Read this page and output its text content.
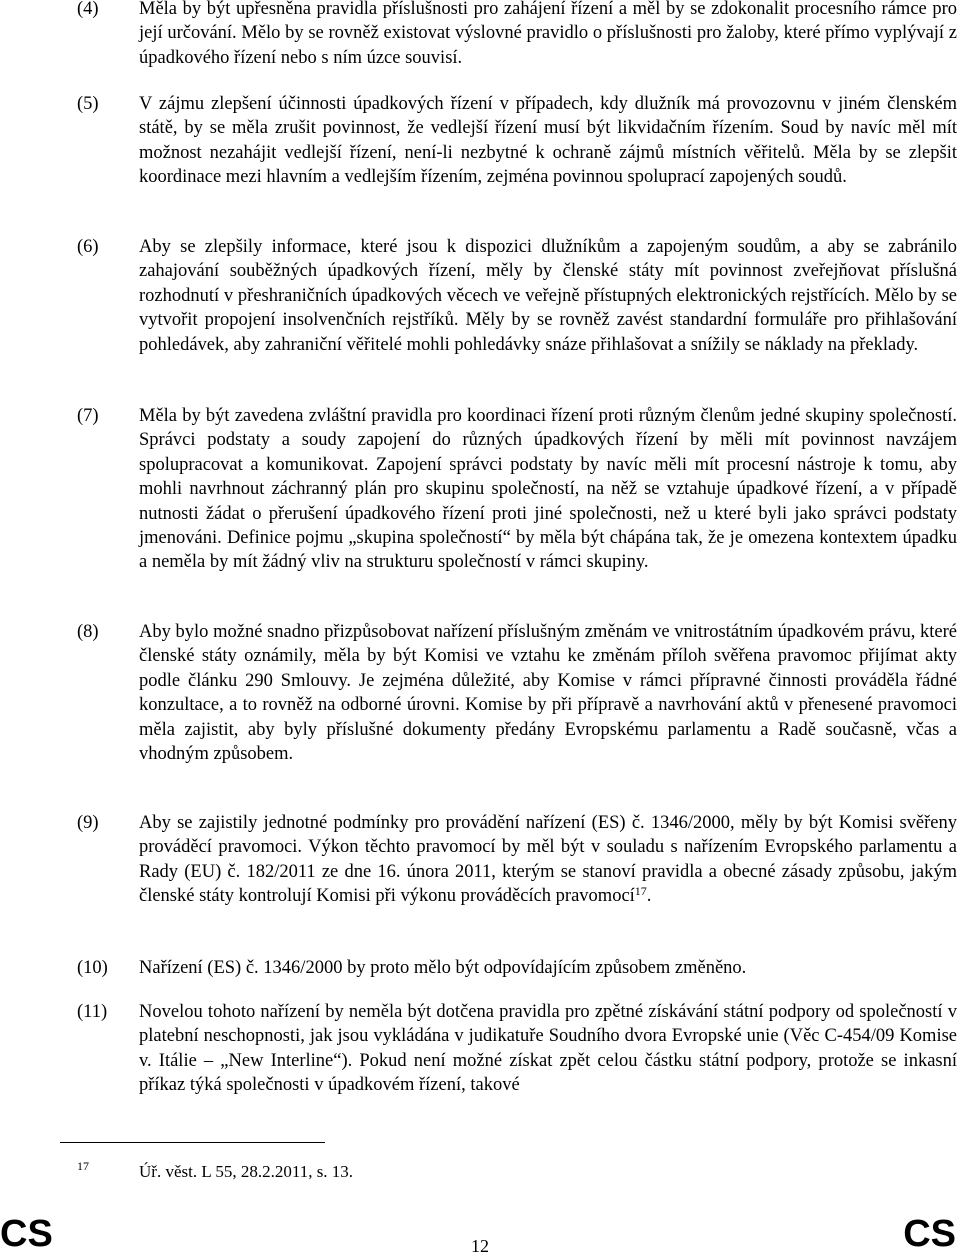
(4)	Měla by být upřesněna pravidla příslušnosti pro zahájení řízení a měl by se zdokonalit procesního rámce pro její určování. Mělo by se rovněž existovat výslovné pravidlo o příslušnosti pro žaloby, které přímo vyplývají z úpadkového řízení nebo s ním úzce souvisí.
(5)	V zájmu zlepšení účinnosti úpadkových řízení v případech, kdy dlužník má provozovnu v jiném členském státě, by se měla zrušit povinnost, že vedlejší řízení musí být likvidačním řízením. Soud by navíc měl mít možnost nezahájit vedlejší řízení, není-li nezbytné k ochraně zájmů místních věřitelů. Měla by se zlepšit koordinace mezi hlavním a vedlejším řízením, zejména povinnou spoluprací zapojených soudů.
(6)	Aby se zlepšily informace, které jsou k dispozici dlužníkům a zapojeným soudům, a aby se zabránilo zahajování souběžných úpadkových řízení, měly by členské státy mít povinnost zveřejňovat příslušná rozhodnutí v přeshraničních úpadkových věcech ve veřejně přístupných elektronických rejstřících. Mělo by se vytvořit propojení insolvenčních rejstříků. Měly by se rovněž zavést standardní formuláře pro přihlašování pohledávek, aby zahraniční věřitelé mohli pohledávky snáze přihlašovat a snížily se náklady na překlady.
(7)	Měla by být zavedena zvláštní pravidla pro koordinaci řízení proti různým členům jedné skupiny společností. Správci podstaty a soudy zapojení do různých úpadkových řízení by měli mít povinnost navzájem spolupracovat a komunikovat. Zapojení správci podstaty by navíc měli mít procesní nástroje k tomu, aby mohli navrhnout záchranný plán pro skupinu společností, na něž se vztahuje úpadkové řízení, a v případě nutnosti žádat o přerušení úpadkového řízení proti jiné společnosti, než u které byli jako správci podstaty jmenováni. Definice pojmu „skupina společností“ by měla být chápána tak, že je omezena kontextem úpadku a neměla by mít žádný vliv na strukturu společností v rámci skupiny.
(8)	Aby bylo možné snadno přizpůsobovat nařízení příslušným změnám ve vnitrostátním úpadkovém právu, které členské státy oznámily, měla by být Komisi ve vztahu ke změnám příloh svěřena pravomoc přijímat akty podle článku 290 Smlouvy. Je zejména důležité, aby Komise v rámci přípravné činnosti prováděla řádné konzultace, a to rovněž na odborné úrovni. Komise by při přípravě a navrhování aktů v přenesené pravomoci měla zajistit, aby byly příslušné dokumenty předány Evropskému parlamentu a Radě současně, včas a vhodným způsobem.
(9)	Aby se zajistily jednotné podmínky pro provádění nařízení (ES) č. 1346/2000, měly by být Komisi svěřeny prováděcí pravomoci. Výkon těchto pravomocí by měl být v souladu s nařízením Evropského parlamentu a Rady (EU) č. 182/2011 ze dne 16. února 2011, kterým se stanoví pravidla a obecné zásady způsobu, jakým členské státy kontrolují Komisi při výkonu prováděcích pravomocí$^{17}$.
(10)	Nařízení (ES) č. 1346/2000 by proto mělo být odpovídajícím způsobem změněno.
(11)	Novelou tohoto nařízení by neměla být dotčena pravidla pro zpětné získávání státní podpory od společností v platební neschopnosti, jak jsou vykládána v judikatuře Soudního dvora Evropské unie (Věc C-454/09 Komise v. Itálie – „New Interline“). Pokud není možné získat zpět celou částku státní podpory, protože se inkasní příkaz týká společnosti v úpadkovém řízení, takové
17	Úř. věst. L 55, 28.2.2011, s. 13.
CS	12	CS
